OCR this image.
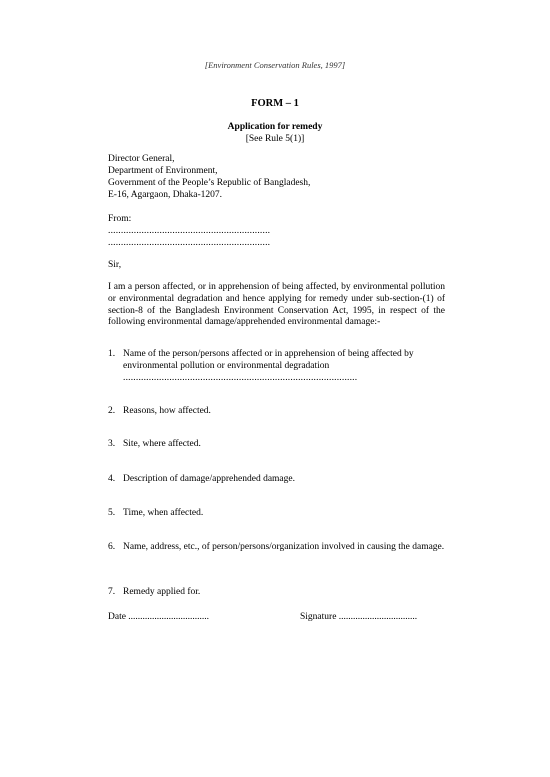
[Environment Conservation Rules, 1997]
FORM – 1
Application for remedy
[See Rule 5(1)]
Director General,
Department of Environment,
Government of the People’s Republic of Bangladesh,
E-16, Agargaon, Dhaka-1207.
From:
...............................................................
...............................................................
Sir,
I am a person affected, or in apprehension of being affected, by environmental pollution or environmental degradation and hence applying for remedy under sub-section-(1) of section-8 of the Bangladesh Environment Conservation Act, 1995, in respect of the following environmental damage/apprehended environmental damage:-
1. Name of the person/persons affected or in apprehension of being affected by environmental pollution or environmental degradation
...........................................................................................
2. Reasons, how affected.
3. Site, where affected.
4. Description of damage/apprehended damage.
5. Time, when affected.
6. Name, address, etc., of person/persons/organization involved in causing the damage.
7. Remedy applied for.
Date ..................................	Signature .................................
